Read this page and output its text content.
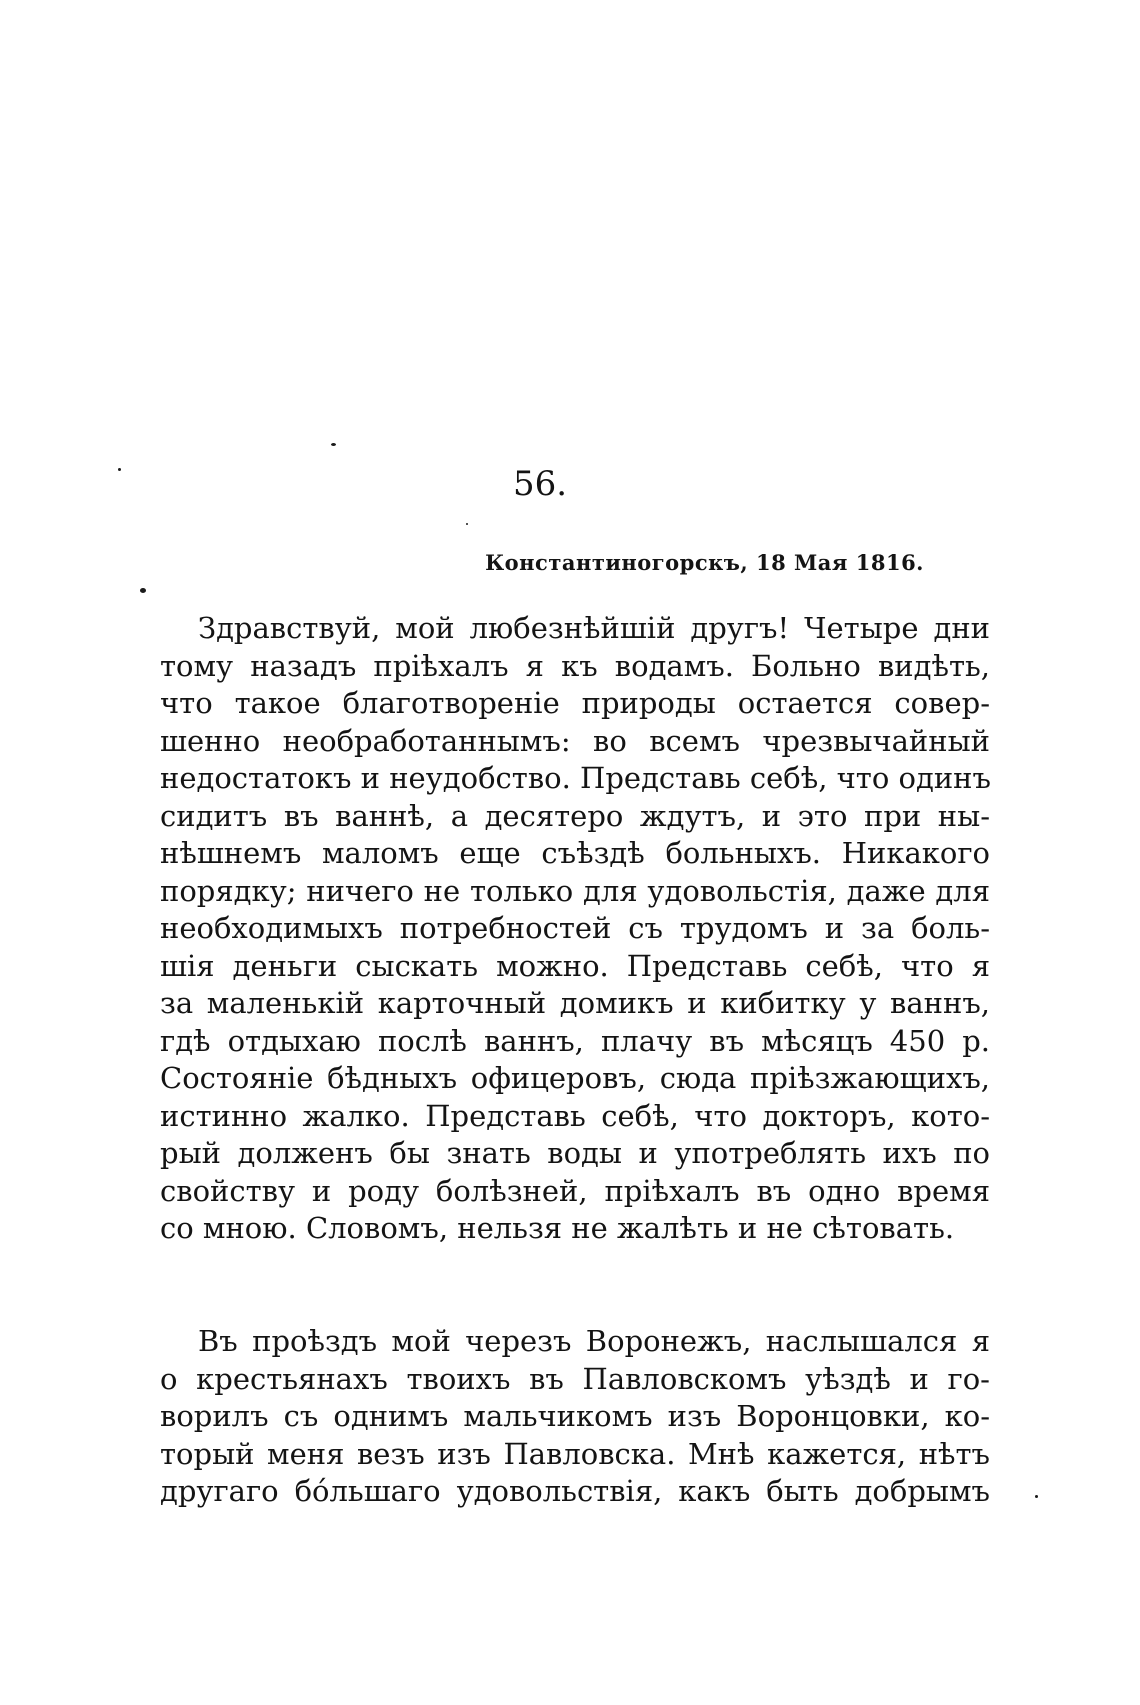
56.
Константиногорскъ, 18 Мая 1816.
Здравствуй, мой любезнѣйшій другъ! Четыре дни
тому назадъ пріѣхалъ я къ водамъ. Больно видѣть,
что такое благотвореніе природы остается совер-
шенно необработаннымъ: во всемъ чрезвычайный
недостатокъ и неудобство. Представь себѣ, что одинъ
сидитъ въ ваннѣ, а десятеро ждутъ, и это при ны-
нѣшнемъ маломъ еще съѣздѣ больныхъ. Никакого
порядку; ничего не только для удовольстія, даже для
необходимыхъ потребностей съ трудомъ и за боль-
шія деньги сыскать можно. Представь себѣ, что я
за маленькій карточный домикъ и кибитку у ваннъ,
гдѣ отдыхаю послѣ ваннъ, плачу въ мѣсяцъ 450 р.
Состояніе бѣдныхъ офицеровъ, сюда пріѣзжающихъ,
истинно жалко. Представь себѣ, что докторъ, кото-
рый долженъ бы знать воды и употреблять ихъ по
свойству и роду болѣзней, пріѣхалъ въ одно время
со мною. Словомъ, нельзя не жалѣть и не сѣтовать.
Въ проѣздъ мой черезъ Воронежъ, наслышался я
о крестьянахъ твоихъ въ Павловскомъ уѣздѣ и го-
ворилъ съ однимъ мальчикомъ изъ Воронцовки, ко-
торый меня везъ изъ Павловска. Мнѣ кажется, нѣтъ
другаго бóльшаго удовольствія, какъ быть добрымъ
